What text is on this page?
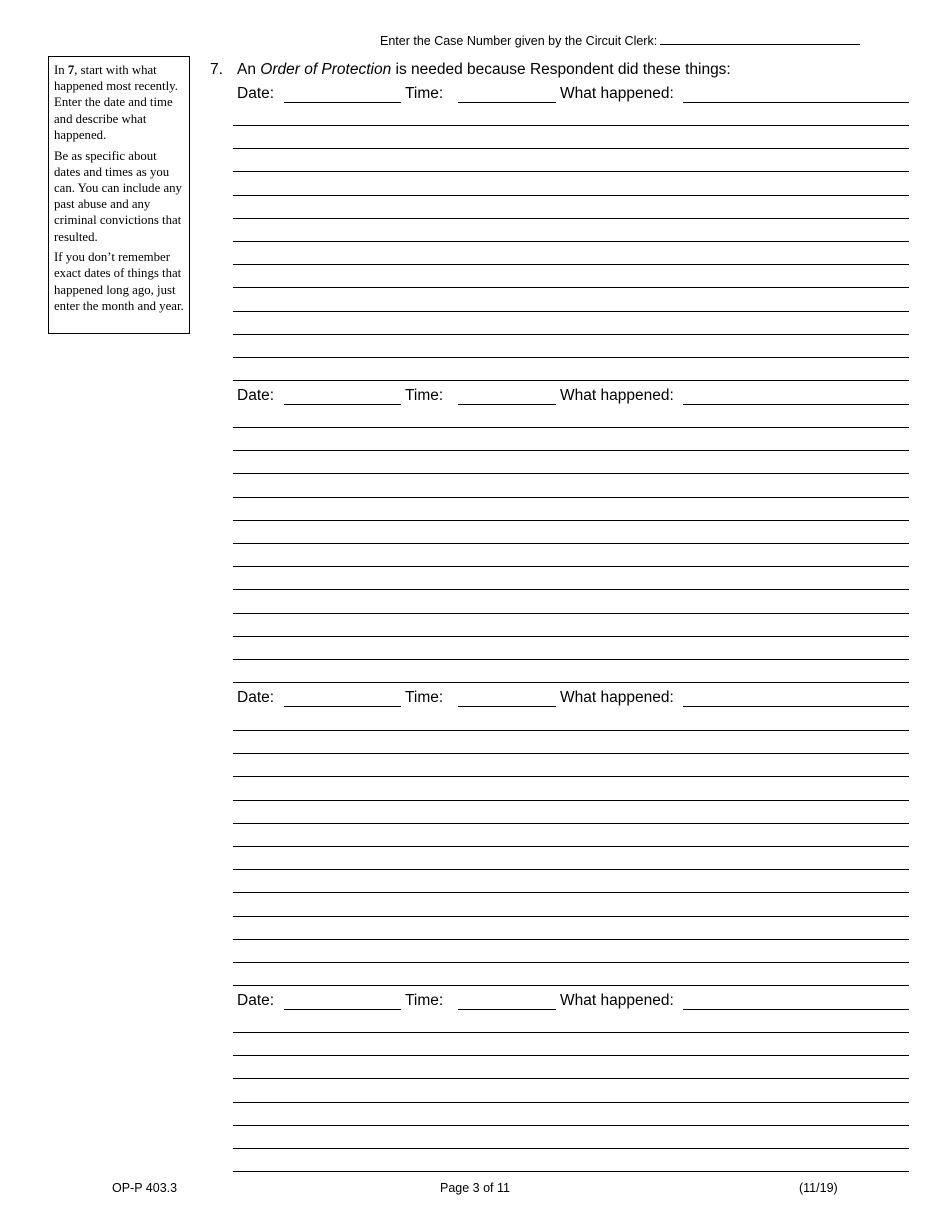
Enter the Case Number given by the Circuit Clerk:

In 7, start with what happened most recently. Enter the date and time and describe what happened.

Be as specific about dates and times as you can. You can include any past abuse and any criminal convictions that resulted.

If you don’t remember exact dates of things that happened long ago, just enter the month and year.

7. An Order of Protection is needed because Respondent did these things:
Date:	Time:	What happened:
Date:	Time:	What happened:
Date:	Time:	What happened:
Date:	Time:	What happened:
OP-P 403.3	Page 3 of 11	(11/19)
